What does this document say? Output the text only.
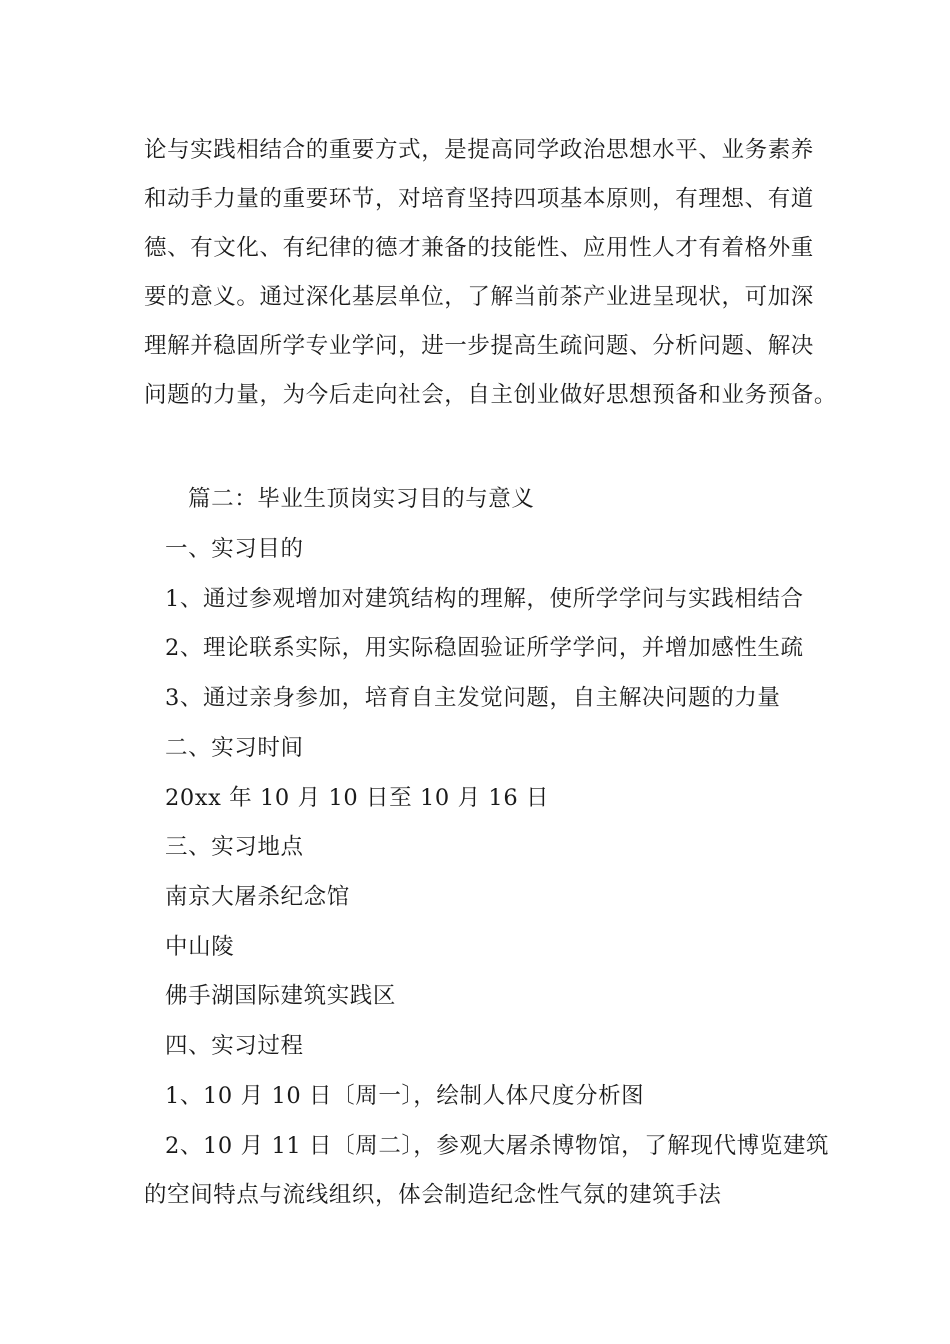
论与实践相结合的重要方式，是提高同学政治思想水平、业务素养
和动手力量的重要环节，对培育坚持四项基本原则，有理想、有道
德、有文化、有纪律的德才兼备的技能性、应用性人才有着格外重
要的意义。通过深化基层单位，了解当前茶产业进呈现状，可加深
理解并稳固所学专业学问，进一步提高生疏问题、分析问题、解决
问题的力量，为今后走向社会，自主创业做好思想预备和业务预备。
篇二：毕业生顶岗实习目的与意义
一、实习目的
1、通过参观增加对建筑结构的理解，使所学学问与实践相结合
2、理论联系实际，用实际稳固验证所学学问，并增加感性生疏
3、通过亲身参加，培育自主发觉问题，自主解决问题的力量
二、实习时间
20xx 年 10 月 10 日至 10 月 16 日
三、实习地点
南京大屠杀纪念馆
中山陵
佛手湖国际建筑实践区
四、实习过程
1、10 月 10 日〔周一〕，绘制人体尺度分析图
2、10 月 11 日〔周二〕，参观大屠杀博物馆，了解现代博览建筑
的空间特点与流线组织，体会制造纪念性气氛的建筑手法
